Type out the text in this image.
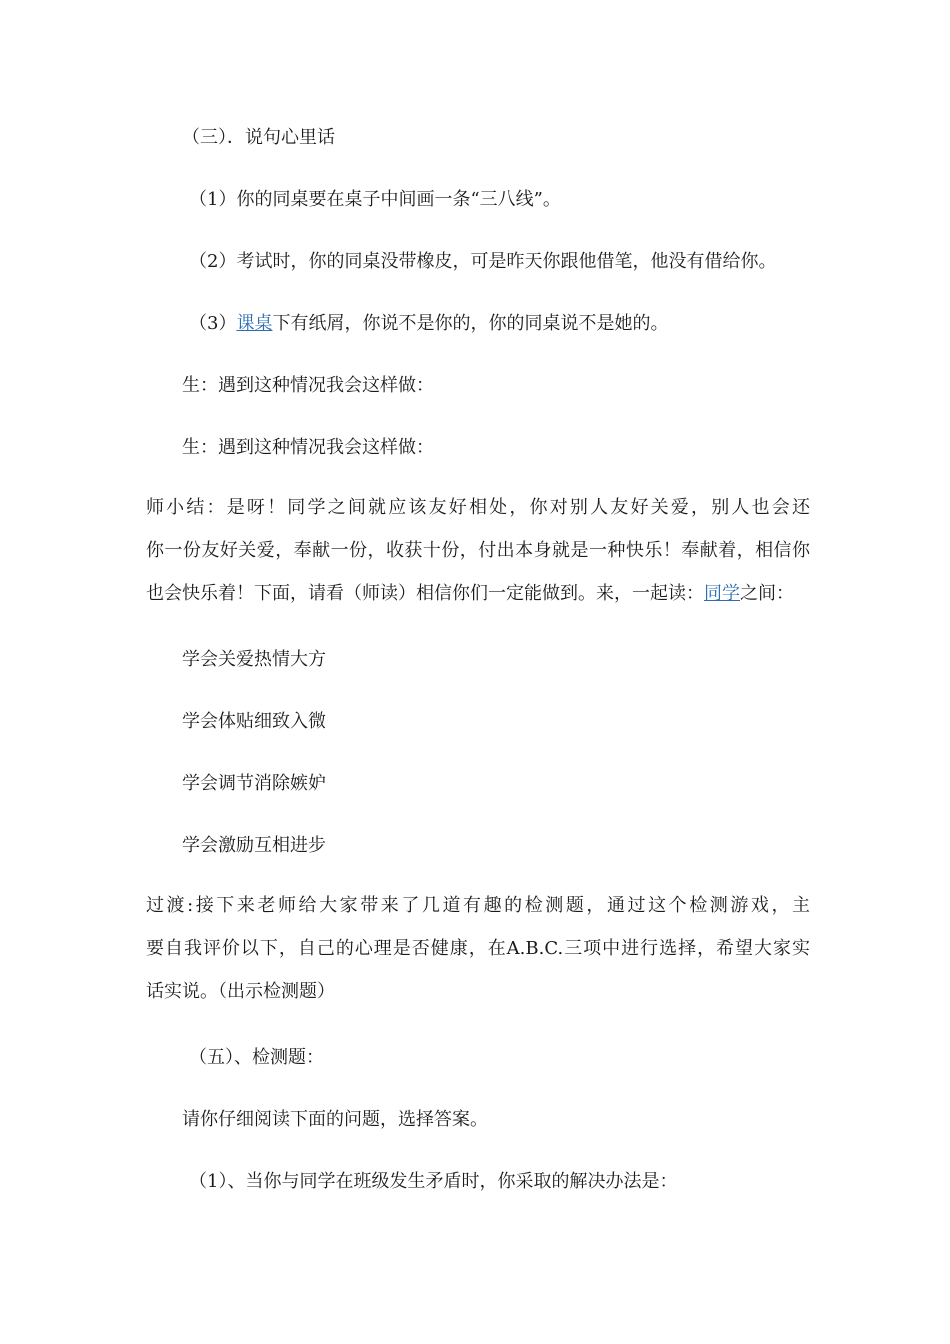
（三）．说句心里话
（1）你的同桌要在桌子中间画一条“三八线”。
（2）考试时，你的同桌没带橡皮，可是昨天你跟他借笔，他没有借给你。
（3）课桌下有纸屑，你说不是你的，你的同桌说不是她的。
生：遇到这种情况我会这样做：
生：遇到这种情况我会这样做：
师小结：是呀！同学之间就应该友好相处，你对别人友好关爱，别人也会还
你一份友好关爱，奉献一份，收获十份，付出本身就是一种快乐！奉献着，相信你
也会快乐着！下面，请看（师读）相信你们一定能做到。来，一起读：同学之间：
学会关爱热情大方
学会体贴细致入微
学会调节消除嫉妒
学会激励互相进步
过渡:接下来老师给大家带来了几道有趣的检测题，通过这个检测游戏，主
要自我评价以下，自己的心理是否健康，在A.B.C.三项中进行选择，希望大家实
话实说。（出示检测题）
（五）、检测题：
请你仔细阅读下面的问题，选择答案。
（1）、当你与同学在班级发生矛盾时，你采取的解决办法是：
